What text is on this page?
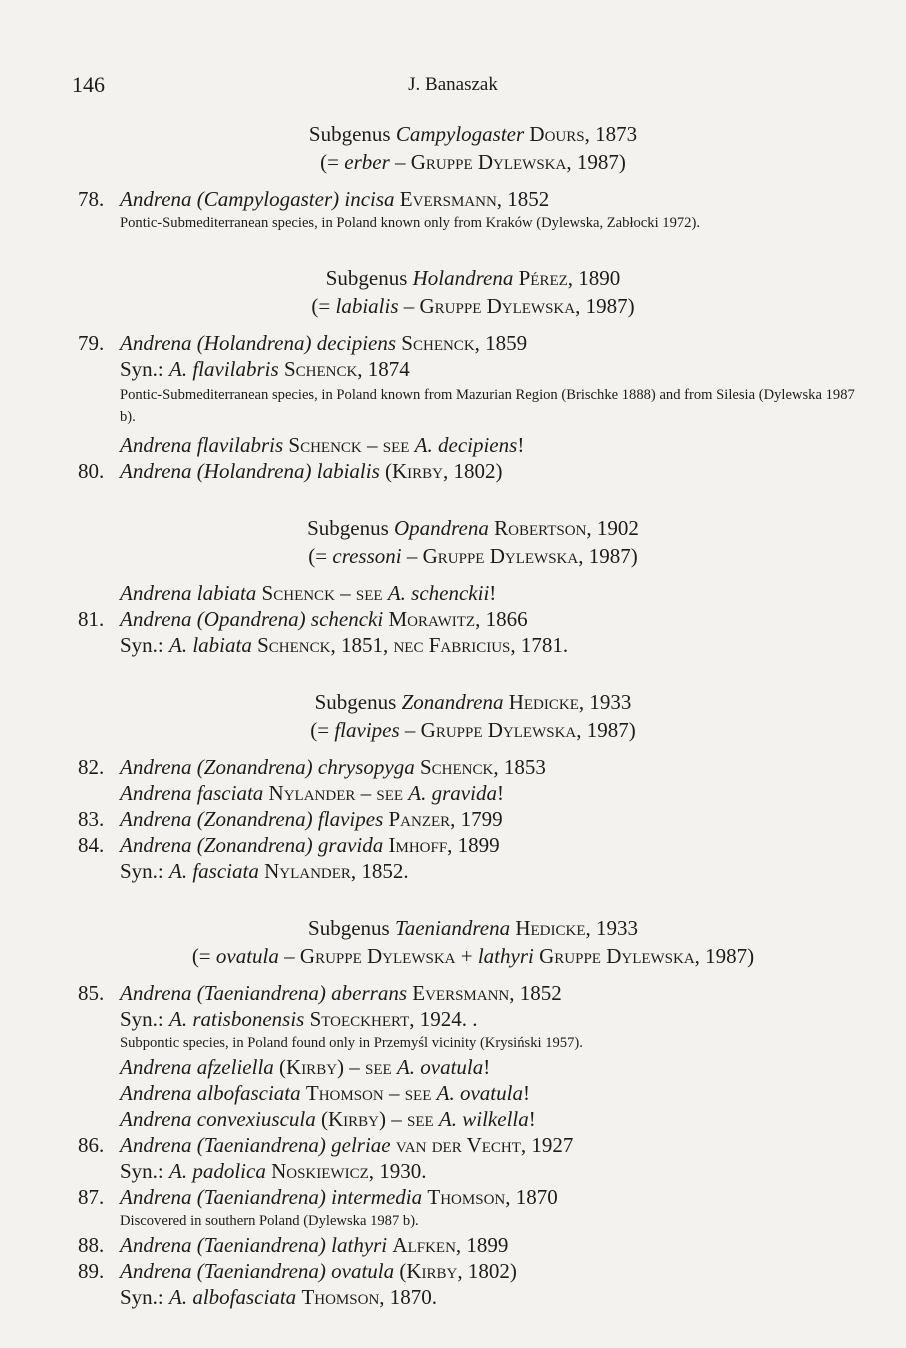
146	J. Banaszak
Subgenus Campylogaster Dours, 1873
(= erber – Gruppe Dylewska, 1987)
78. Andrena (Campylogaster) incisa Eversmann, 1852
Pontic-Submediterranean species, in Poland known only from Kraków (Dylewska, Zabłocki 1972).
Subgenus Holandrena Pérez, 1890
(= labialis – Gruppe Dylewska, 1987)
79. Andrena (Holandrena) decipiens Schenck, 1859
Syn.: A. flavilabris Schenck, 1874
Pontic-Submediterranean species, in Poland known from Mazurian Region (Brischke 1888) and from Silesia (Dylewska 1987 b).
Andrena flavilabris Schenck – see A. decipiens!
80. Andrena (Holandrena) labialis (Kirby, 1802)
Subgenus Opandrena Robertson, 1902
(= cressoni – Gruppe Dylewska, 1987)
Andrena labiata Schenck – see A. schenckii!
81. Andrena (Opandrena) schencki Morawitz, 1866
Syn.: A. labiata Schenck, 1851, nec Fabricius, 1781.
Subgenus Zonandrena Hedicke, 1933
(= flavipes – Gruppe Dylewska, 1987)
82. Andrena (Zonandrena) chrysopyga Schenck, 1853
Andrena fasciata Nylander – see A. gravida!
83. Andrena (Zonandrena) flavipes Panzer, 1799
84. Andrena (Zonandrena) gravida Imhoff, 1899
Syn.: A. fasciata Nylander, 1852.
Subgenus Taeniandrena Hedicke, 1933
(= ovatula – Gruppe Dylewska + lathyri Gruppe Dylewska, 1987)
85. Andrena (Taeniandrena) aberrans Eversmann, 1852
Syn.: A. ratisbonensis Stoeckhert, 1924. .
Subpontic species, in Poland found only in Przemyśl vicinity (Krysiński 1957).
Andrena afzeliella (Kirby) – see A. ovatula!
Andrena albofasciata Thomson – see A. ovatula!
Andrena convexiuscula (Kirby) – see A. wilkella!
86. Andrena (Taeniandrena) gelriae van der Vecht, 1927
Syn.: A. padolica Noskiewicz, 1930.
87. Andrena (Taeniandrena) intermedia Thomson, 1870
Discovered in southern Poland (Dylewska 1987 b).
88. Andrena (Taeniandrena) lathyri Alfken, 1899
89. Andrena (Taeniandrena) ovatula (Kirby, 1802)
Syn.: A. albofasciata Thomson, 1870.
